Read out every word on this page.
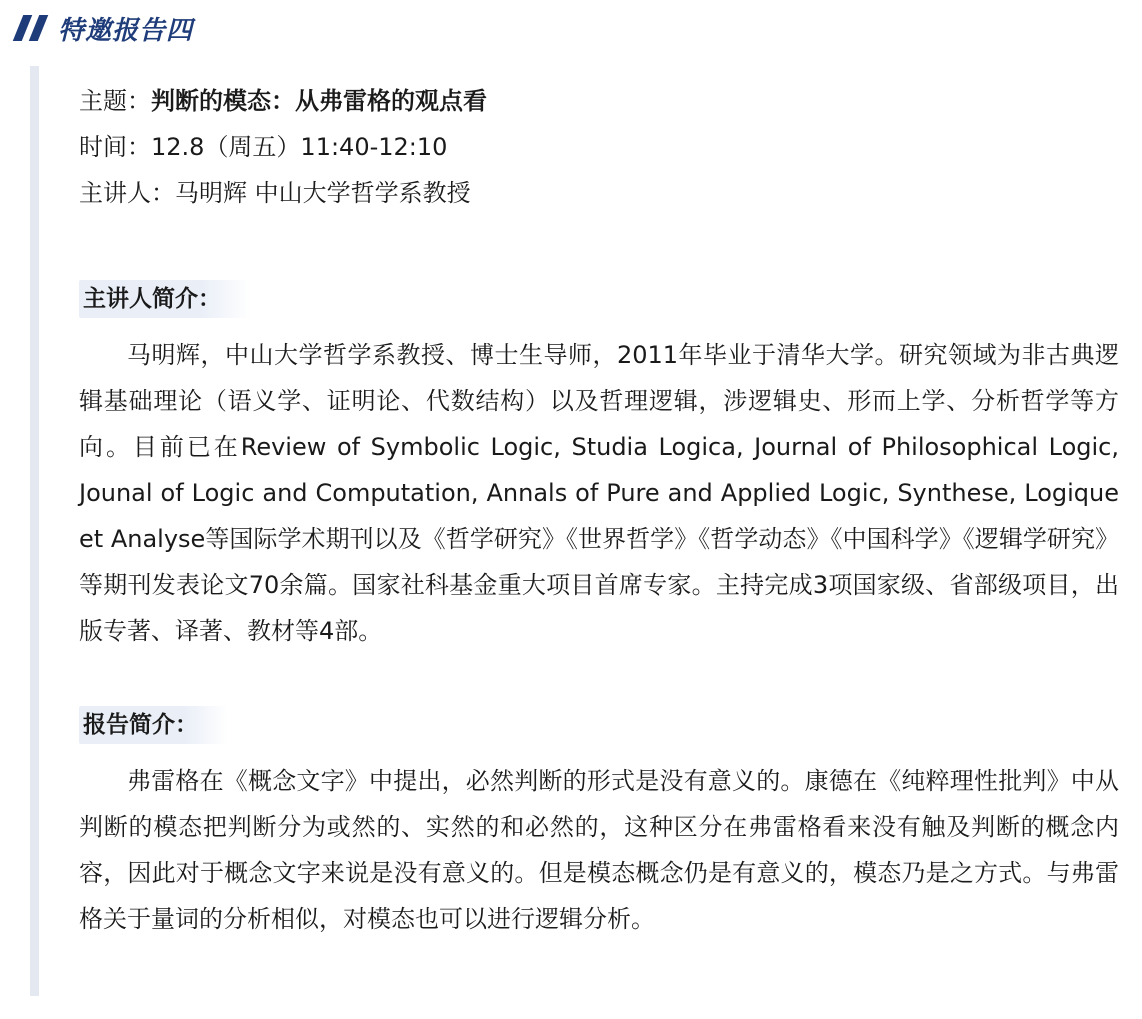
特邀报告四
主题：判断的模态：从弗雷格的观点看
时间：12.8（周五）11:40-12:10
主讲人：马明辉 中山大学哲学系教授
主讲人简介：

马明辉，中山大学哲学系教授、博士生导师，2011年毕业于清华大学。研究领域为非古典逻辑基础理论（语义学、证明论、代数结构）以及哲理逻辑，涉逻辑史、形而上学、分析哲学等方向。目前已在Review of Symbolic Logic, Studia Logica, Journal of Philosophical Logic, Jounal of Logic and Computation, Annals of Pure and Applied Logic, Synthese, Logique et Analyse等国际学术期刊以及《哲学研究》《世界哲学》《哲学动态》《中国科学》《逻辑学研究》等期刊发表论文70余篇。国家社科基金重大项目首席专家。主持完成3项国家级、省部级项目，出版专著、译著、教材等4部。

报告简介：

弗雷格在《概念文字》中提出，必然判断的形式是没有意义的。康德在《纯粹理性批判》中从判断的模态把判断分为或然的、实然的和必然的，这种区分在弗雷格看来没有触及判断的概念内容，因此对于概念文字来说是没有意义的。但是模态概念仍是有意义的，模态乃是之方式。与弗雷格关于量词的分析相似，对模态也可以进行逻辑分析。
